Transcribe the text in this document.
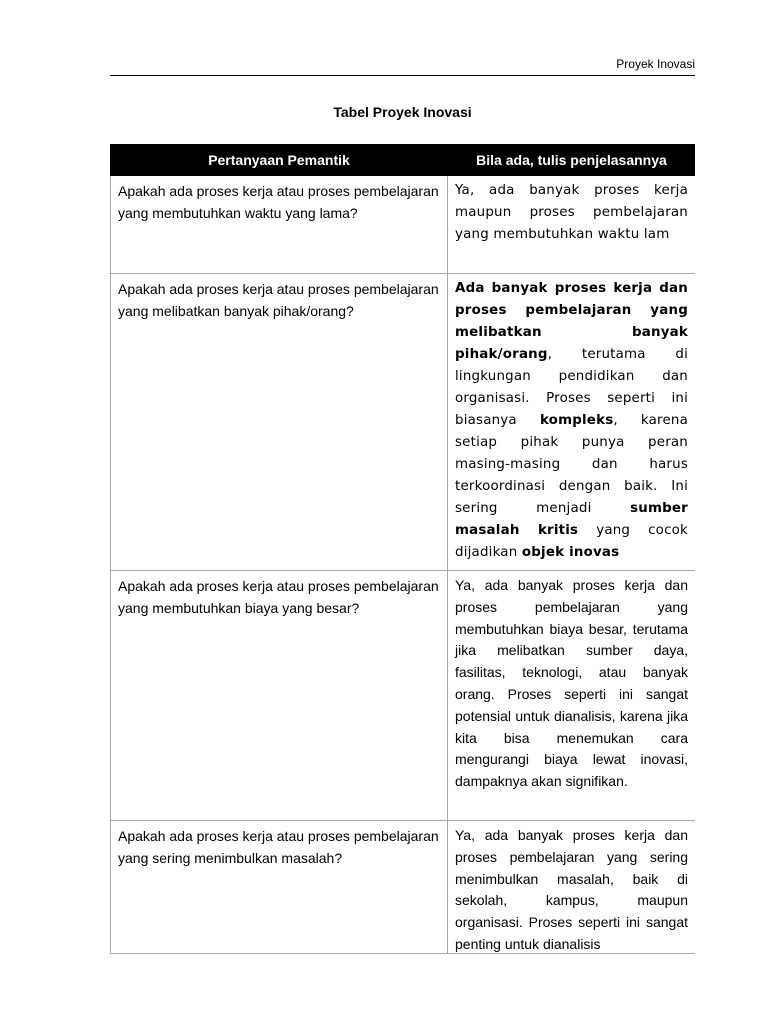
Proyek Inovasi
Tabel Proyek Inovasi
Pertanyaan Pemantik	Bila ada, tulis penjelasannya
Apakah ada proses kerja atau proses pembelajaran yang membutuhkan waktu yang lama?	Ya, ada banyak proses kerja maupun proses pembelajaran yang membutuhkan waktu lam
Apakah ada proses kerja atau proses pembelajaran yang melibatkan banyak pihak/orang?	Ada banyak proses kerja dan proses pembelajaran yang melibatkan banyak pihak/orang, terutama di lingkungan pendidikan dan organisasi. Proses seperti ini biasanya kompleks, karena setiap pihak punya peran masing-masing dan harus terkoordinasi dengan baik. Ini sering menjadi sumber masalah kritis yang cocok dijadikan objek inovas
Apakah ada proses kerja atau proses pembelajaran yang membutuhkan biaya yang besar?	Ya, ada banyak proses kerja dan proses pembelajaran yang membutuhkan biaya besar, terutama jika melibatkan sumber daya, fasilitas, teknologi, atau banyak orang. Proses seperti ini sangat potensial untuk dianalisis, karena jika kita bisa menemukan cara mengurangi biaya lewat inovasi, dampaknya akan signifikan.
Apakah ada proses kerja atau proses pembelajaran yang sering menimbulkan masalah?	Ya, ada banyak proses kerja dan proses pembelajaran yang sering menimbulkan masalah, baik di sekolah, kampus, maupun organisasi. Proses seperti ini sangat penting untuk dianalisis
